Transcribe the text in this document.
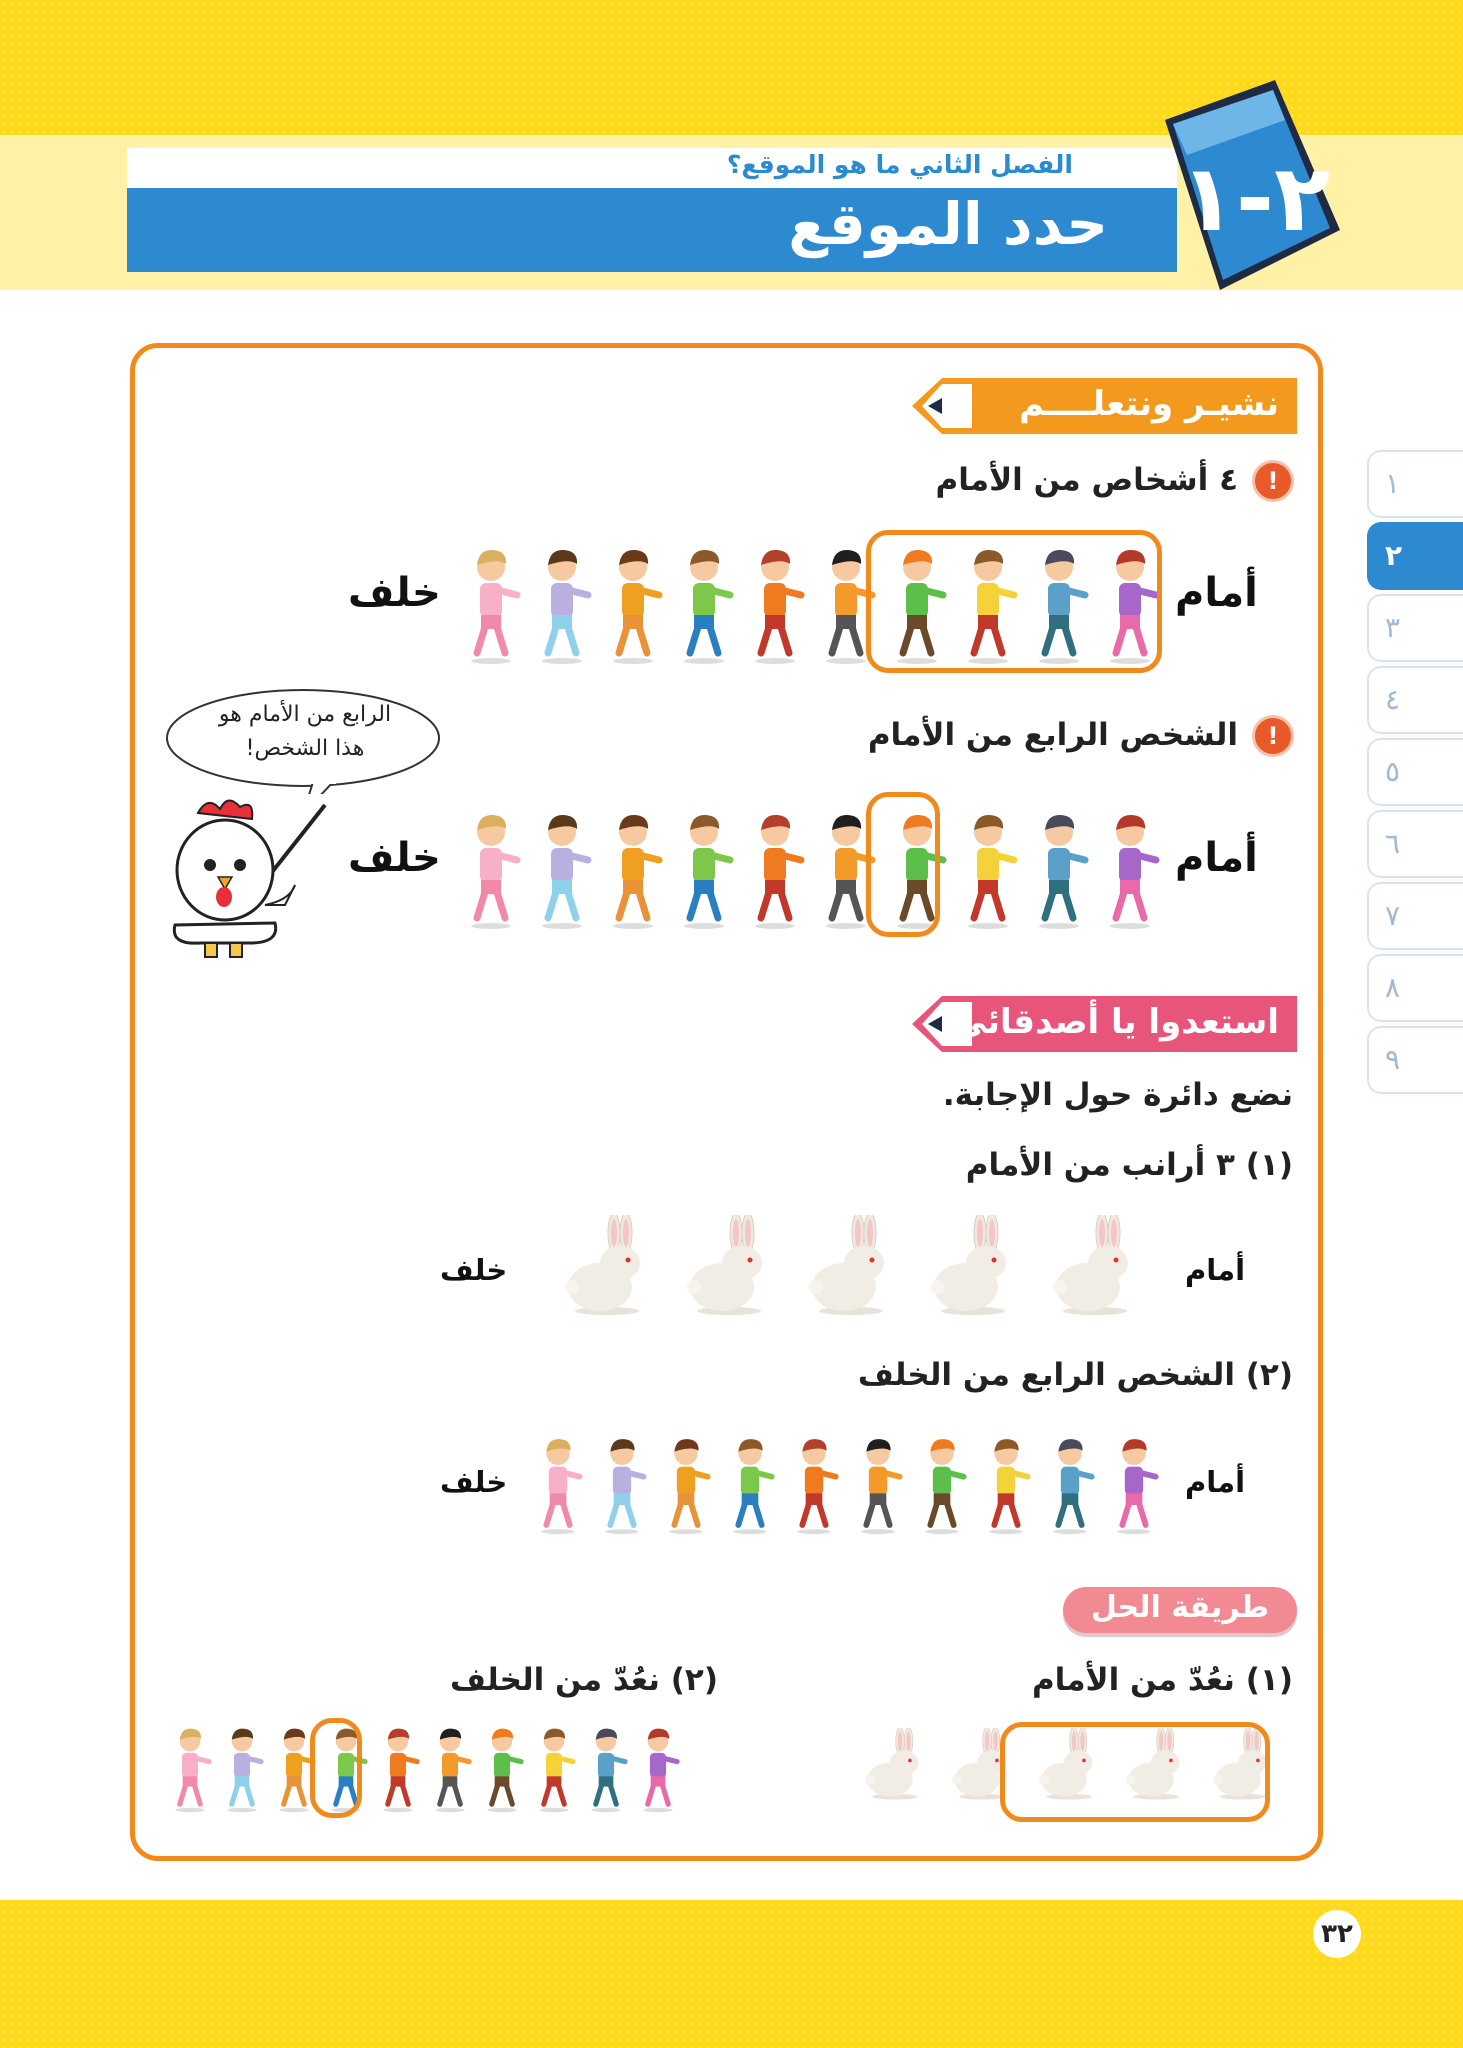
الفصل الثاني ما هو الموقع؟
حدد الموقع ٢-١
١
٢
٣
٤
٥
٦
٧
٨
٩
نشيـر ونتعلــــم
!
٤ أشخاص من الأمام
أمام
خلف
!
الشخص الرابع من الأمام
أمام
خلف
الرابع من الأمام هو
هذا الشخص!
استعدوا يا أصدقائي
نضع دائرة حول الإجابة.
(١) ٣ أرانب من الأمام
أمام
خلف
(٢) الشخص الرابع من الخلف
أمام
خلف
طريقة الحل
(١) نعُدّ من الأمام
(٢) نعُدّ من الخلف
٣٢
